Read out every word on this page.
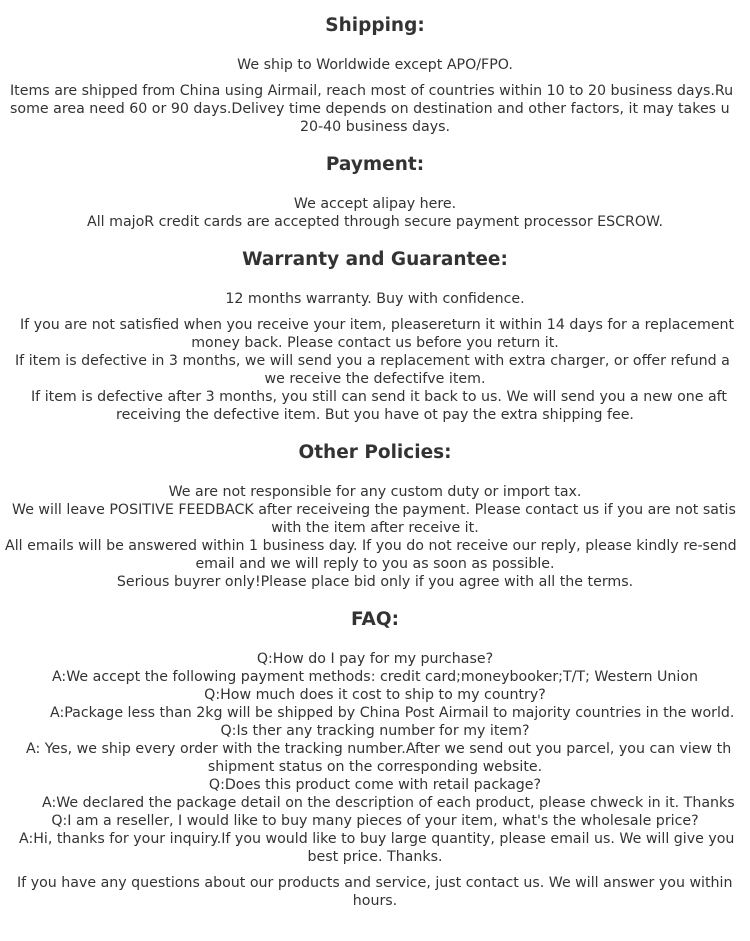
Shipping:
We ship to Worldwide except APO/FPO.
Items are shipped from China using Airmail, reach most of countries within 10 to 20 business days.Ru
some area need 60 or 90 days.Delivey time depends on destination and other factors, it may takes u
20-40 business days.
Payment:
We accept alipay here.
All majoR credit cards are accepted through secure payment processor ESCROW.
Warranty and Guarantee:
12 months warranty. Buy with confidence.
If you are not satisfied when you receive your item, pleasereturn it within 14 days for a replacement
money back. Please contact us before you return it.
If item is defective in 3 months, we will send you a replacement with extra charger, or offer refund a
we receive the defectifve item.
If item is defective after 3 months, you still can send it back to us. We will send you a new one aft
receiving the defective item. But you have ot pay the extra shipping fee.
Other Policies:
We are not responsible for any custom duty or import tax.
We will leave POSITIVE FEEDBACK after receiveing the payment. Please contact us if you are not satis
with the item after receive it.
All emails will be answered within 1 business day. If you do not receive our reply, please kindly re-send
email and we will reply to you as soon as possible.
Serious buyrer only!Please place bid only if you agree with all the terms.
FAQ:
Q:How do I pay for my purchase?
A:We accept the following payment methods: credit card;moneybooker;T/T; Western Union
Q:How much does it cost to ship to my country?
A:Package less than 2kg will be shipped by China Post Airmail to majority countries in the world.
Q:Is ther any tracking number for my item?
A: Yes, we ship every order with the tracking number.After we send out you parcel, you can view th
shipment status on the corresponding website.
Q:Does this product come with retail package?
A:We declared the package detail on the description of each product, please chweck in it. Thanks
Q:I am a reseller, I would like to buy many pieces of your item, what's the wholesale price?
A:Hi, thanks for your inquiry.If you would like to buy large quantity, please email us. We will give you
best price. Thanks.
If you have any questions about our products and service, just contact us. We will answer you within
hours.
